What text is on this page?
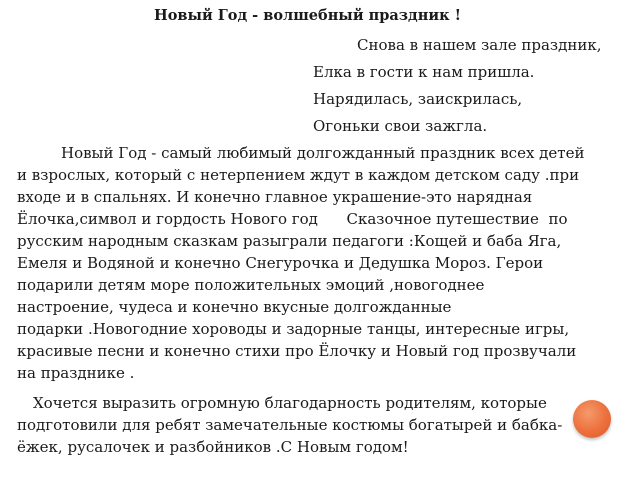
Новый Год - волшебный праздник !
Снова в нашем зале праздник,
Елка в гости к нам пришла.
Нарядилась, заискрилась,
Огоньки свои зажгла.
Новый Год - самый любимый долгожданный праздник всех детей
и взрослых, который с нетерпением ждут в каждом детском саду .при
входе и в спальнях. И конечно главное украшение-это нарядная
Ёлочка,символ и гордость Нового год      Сказочное путешествие  по
русским народным сказкам разыграли педагоги :Кощей и баба Яга,
Емеля и Водяной и конечно Снегурочка и Дедушка Мороз. Герои
подарили детям море положительных эмоций ,новогоднее
настроение, чудеса и конечно вкусные долгожданные
подарки .Новогодние хороводы и задорные танцы, интересные игры,
красивые песни и конечно стихи про Ёлочку и Новый год прозвучали
на празднике .
Хочется выразить огромную благодарность родителям, которые
подготовили для ребят замечательные костюмы богатырей и бабка-
ёжек, русалочек и разбойников .С Новым годом!
